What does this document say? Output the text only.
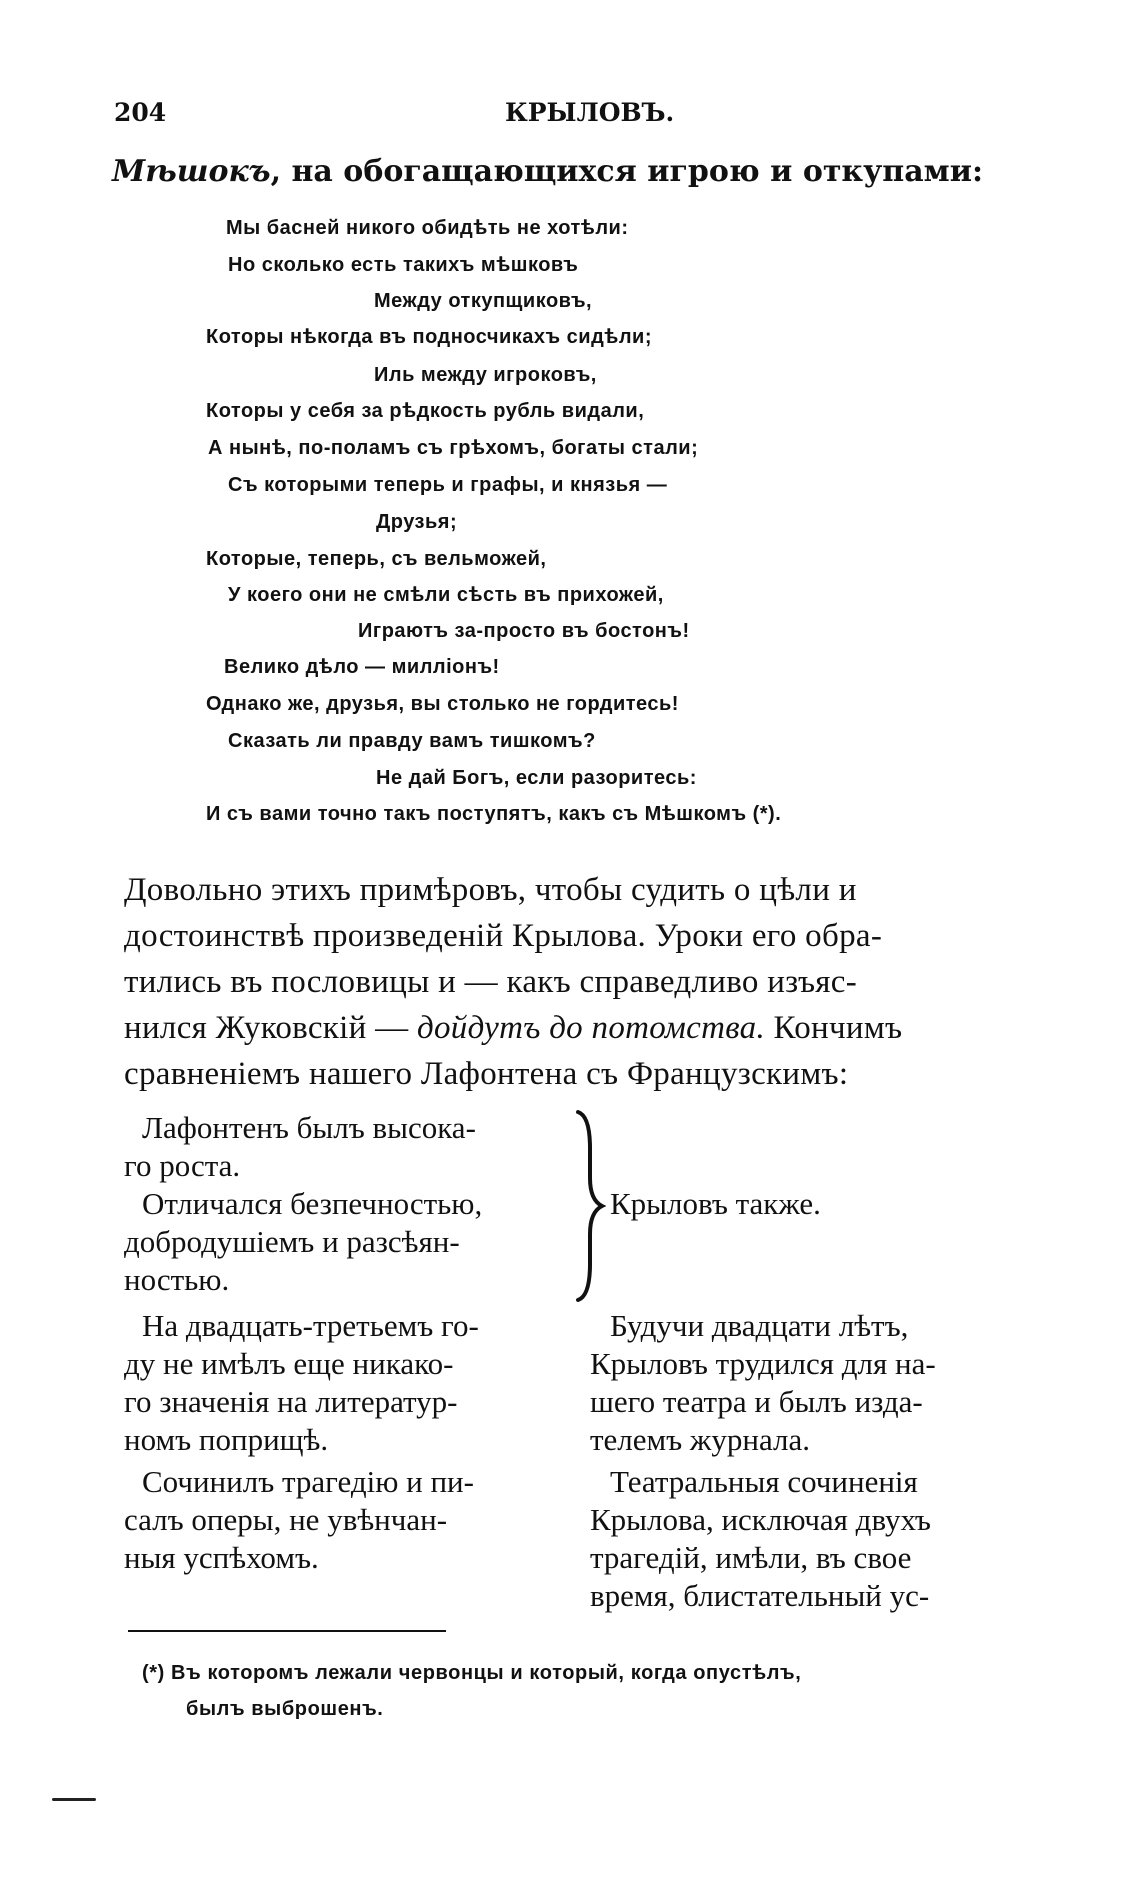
204	КРЫЛОВЪ.
Мѣшокъ, на обогащающихся игрою и откупами:
Мы басней никого обидѣть не хотѣли:
Но сколько есть такихъ мѣшковъ
Между откупщиковъ,
Которы нѣкогда въ подносчикахъ сидѣли;
Иль между игроковъ,
Которы у себя за рѣдкость рубль видали,
А нынѣ, по-поламъ съ грѣхомъ, богаты стали;
Съ которыми теперь и графы, и князья —
Друзья;
Которые, теперь, съ вельможей,
У коего они не смѣли сѣсть въ прихожей,
Играютъ за-просто въ бостонъ!
Велико дѣло — милліонъ!
Однако же, друзья, вы столько не гордитесь!
Сказать ли правду вамъ тишкомъ?
Не дай Богъ, если разоритесь:
И съ вами точно такъ поступятъ, какъ съ Мѣшкомъ (*).
Довольно этихъ примѣровъ, чтобы судить о цѣли и
достоинствѣ произведеній Крылова. Уроки его обра-
тились въ пословицы и — какъ справедливо изъяс-
нился Жуковскій — дойдутъ до потомства. Кончимъ
сравненіемъ нашего Лафонтена съ Французскимъ:
Лафонтенъ былъ высока-
го роста.
Отличался безпечностью,
добродушіемъ и разсѣян-
ностью.
Крыловъ также.
На двадцать-третьемъ го-
ду не имѣлъ еще никако-
го значенія на литератур-
номъ поприщѣ.
Будучи двадцати лѣтъ,
Крыловъ трудился для на-
шего театра и былъ изда-
телемъ журнала.
Сочинилъ трагедію и пи-
салъ оперы, не увѣнчан-
ныя успѣхомъ.
Театральныя сочиненія
Крылова, исключая двухъ
трагедій, имѣли, въ свое
время, блистательный ус-
(*) Въ которомъ лежали червонцы и который, когда опустѣлъ,
былъ выброшенъ.
